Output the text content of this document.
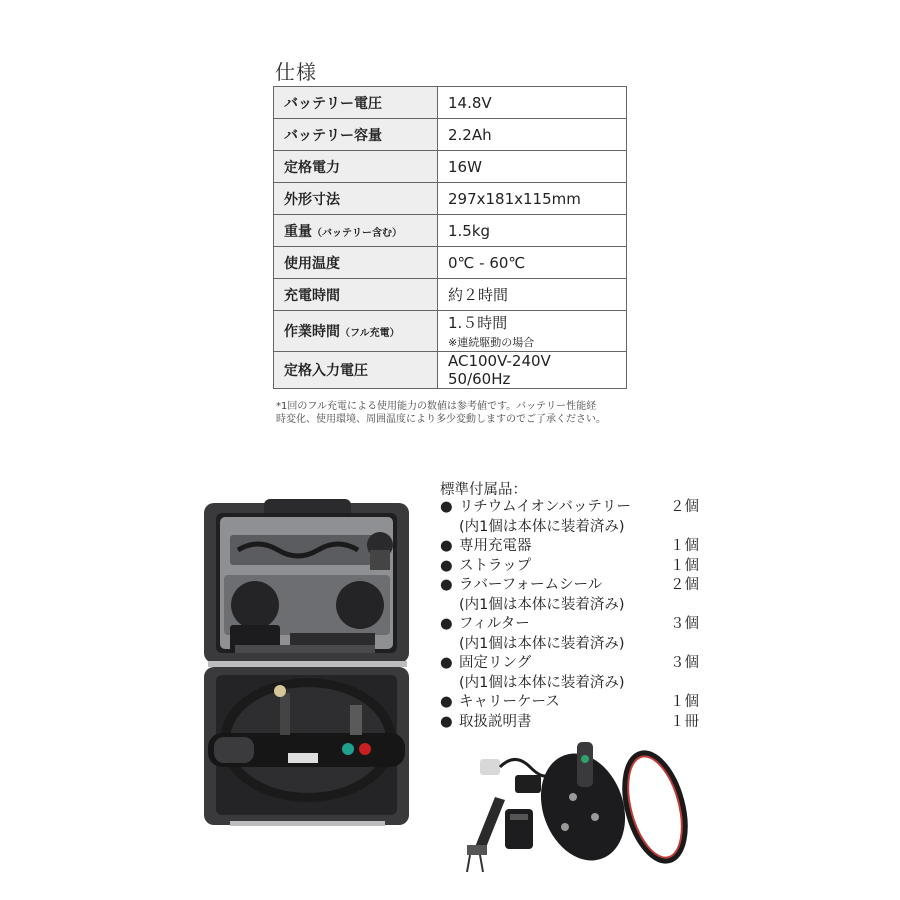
仕様
バッテリー電圧	14.8V
バッテリー容量	2.2Ah
定格電力	16W
外形寸法	297x181x115mm
重量（バッテリー含む）	1.5kg
使用温度	0℃ - 60℃
充電時間	約２時間
作業時間（フル充電）	1.５時間
※連続駆動の場合

定格入力電圧	AC100V-240V 50/60Hz
*1回のフル充電による使用能力の数値は参考値です。バッテリー性能経
時変化、使用環境、周囲温度により多少変動しますのでご了承ください。
標準付属品：
● リチウムイオンバッテリー	２個
(内1個は本体に装着済み)
● 専用充電器	１個
● ストラップ	１個
● ラバーフォームシール	２個
(内1個は本体に装着済み)
● フィルター	３個
(内1個は本体に装着済み)
● 固定リング	３個
(内1個は本体に装着済み)
● キャリーケース	１個
● 取扱説明書	１冊
